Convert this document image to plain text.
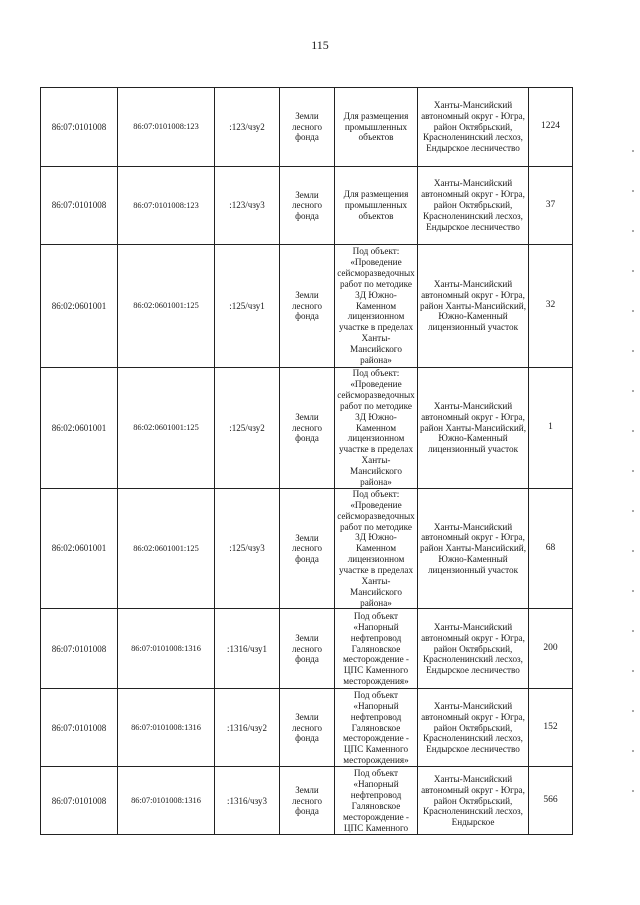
115
86:07:0101008	86:07:0101008:123	:123/чзу2	Земли лесного фонда	Для размещения промышленных объектов	Ханты-Мансийский автономный округ - Югра, район Октябрьский, Красноленинский лесхоз, Ендырское лесничество	1224
86:07:0101008	86:07:0101008:123	:123/чзу3	Земли лесного фонда	Для размещения промышленных объектов	Ханты-Мансийский автономный округ - Югра, район Октябрьский, Красноленинский лесхоз, Ендырское лесничество	37
86:02:0601001	86:02:0601001:125	:125/чзу1	Земли лесного фонда	Под объект: «Проведение сейсморазведочных работ по методике 3Д Южно-Каменном лицензионном участке в пределах Ханты-Мансийского района»	Ханты-Мансийский автономный округ - Югра, район Ханты-Мансийский, Южно-Каменный лицензионный участок	32
86:02:0601001	86:02:0601001:125	:125/чзу2	Земли лесного фонда	Под объект: «Проведение сейсморазведочных работ по методике 3Д Южно-Каменном лицензионном участке в пределах Ханты-Мансийского района»	Ханты-Мансийский автономный округ - Югра, район Ханты-Мансийский, Южно-Каменный лицензионный участок	1
86:02:0601001	86:02:0601001:125	:125/чзу3	Земли лесного фонда	Под объект: «Проведение сейсморазведочных работ по методике 3Д Южно-Каменном лицензионном участке в пределах Ханты-Мансийского района»	Ханты-Мансийский автономный округ - Югра, район Ханты-Мансийский, Южно-Каменный лицензионный участок	68
86:07:0101008	86:07:0101008:1316	:1316/чзу1	Земли лесного фонда	Под объект «Напорный нефтепровод Галяновское месторождение - ЦПС Каменного месторождения»	Ханты-Мансийский автономный округ - Югра, район Октябрьский, Красноленинский лесхоз, Ендырское лесничество	200
86:07:0101008	86:07:0101008:1316	:1316/чзу2	Земли лесного фонда	Под объект «Напорный нефтепровод Галяновское месторождение - ЦПС Каменного месторождения»	Ханты-Мансийский автономный округ - Югра, район Октябрьский, Красноленинский лесхоз, Ендырское лесничество	152
86:07:0101008	86:07:0101008:1316	:1316/чзу3	Земли лесного фонда	Под объект «Напорный нефтепровод Галяновское месторождение - ЦПС Каменного	Ханты-Мансийский автономный округ - Югра, район Октябрьский, Красноленинский лесхоз, Ендырское	566
